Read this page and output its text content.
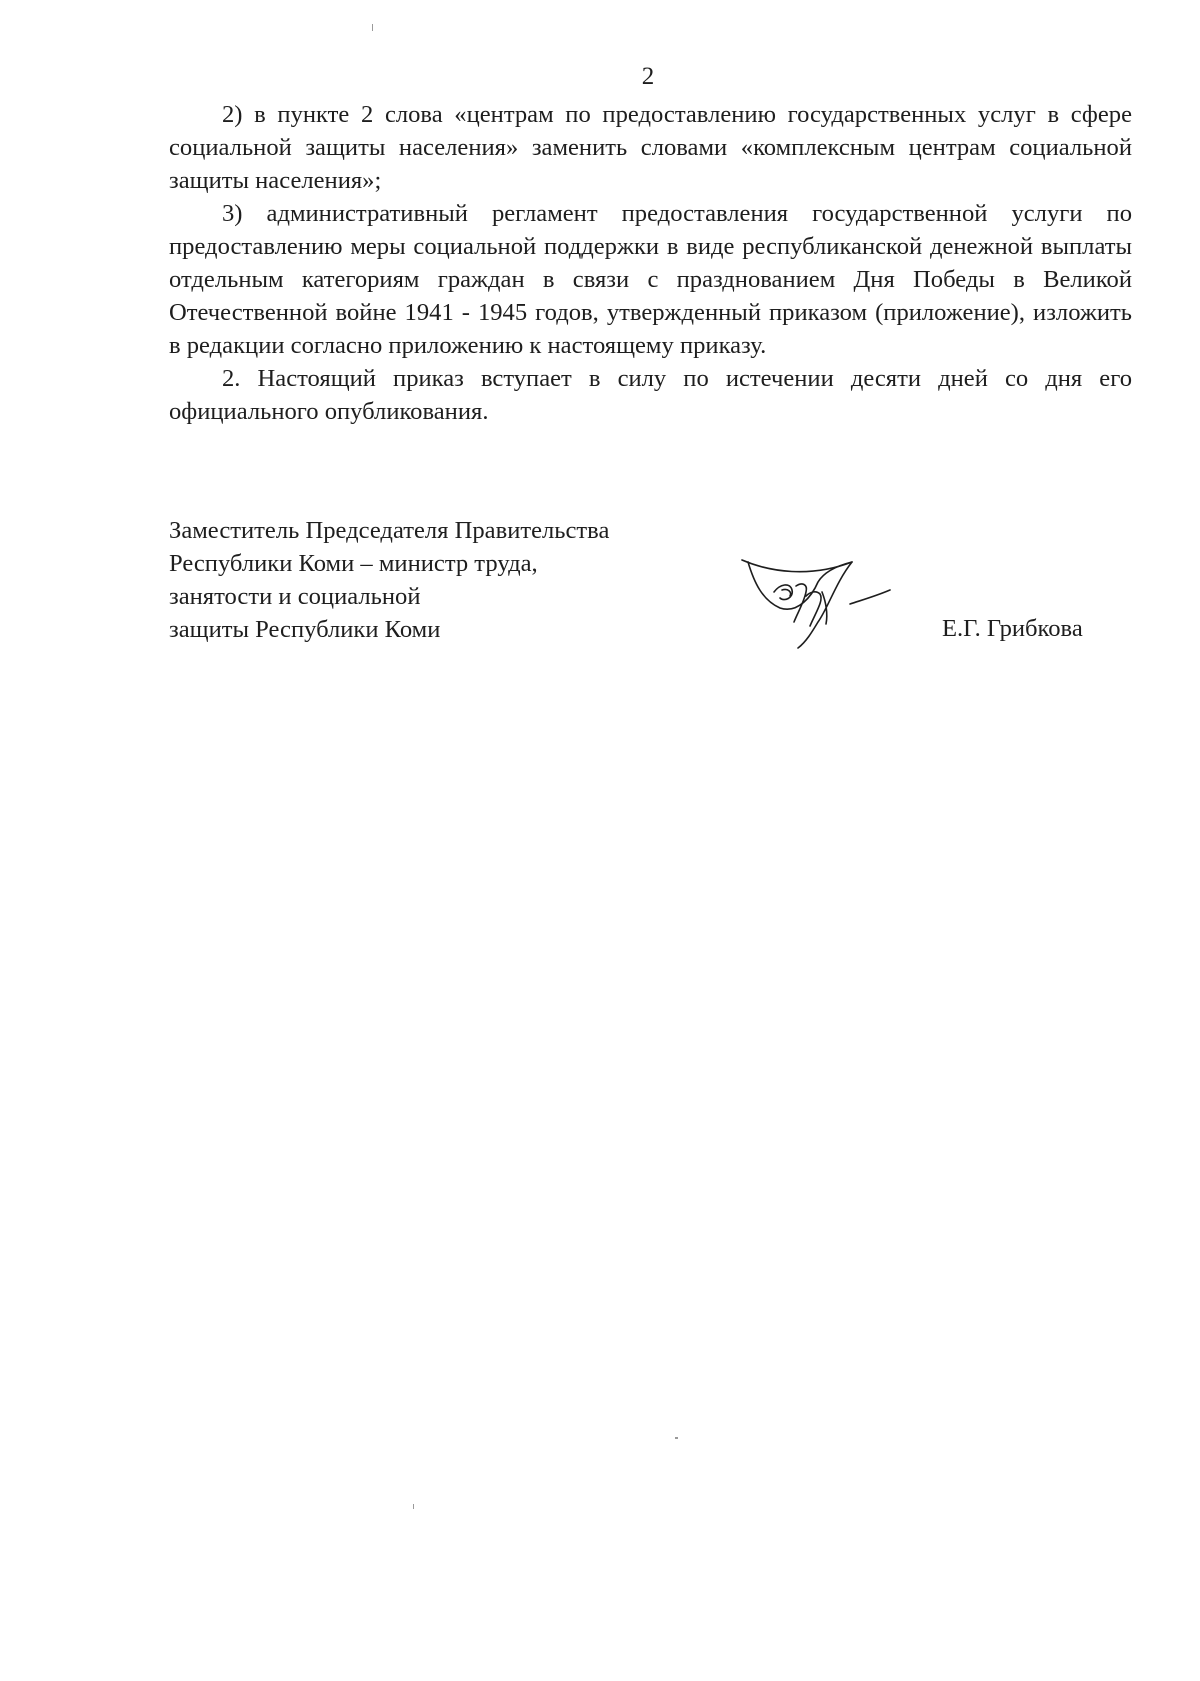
2

2) в пункте 2 слова «центрам по предоставлению государственных услуг в сфере социальной защиты населения» заменить словами «комплексным центрам социальной защиты населения»;

3) административный регламент предоставления государственной услуги по предоставлению меры социальной поддержки в виде республиканской денежной выплаты отдельным категориям граждан в связи с празднованием Дня Победы в Великой Отечественной войне 1941 - 1945 годов, утвержденный приказом (приложение), изложить в редакции согласно приложению к настоящему приказу.

2. Настоящий приказ вступает в силу по истечении десяти дней со дня его официального опубликования.

Заместитель Председателя Правительства
Республики Коми – министр труда,
занятости и социальной
защиты Республики Коми	Е.Г. Грибкова
